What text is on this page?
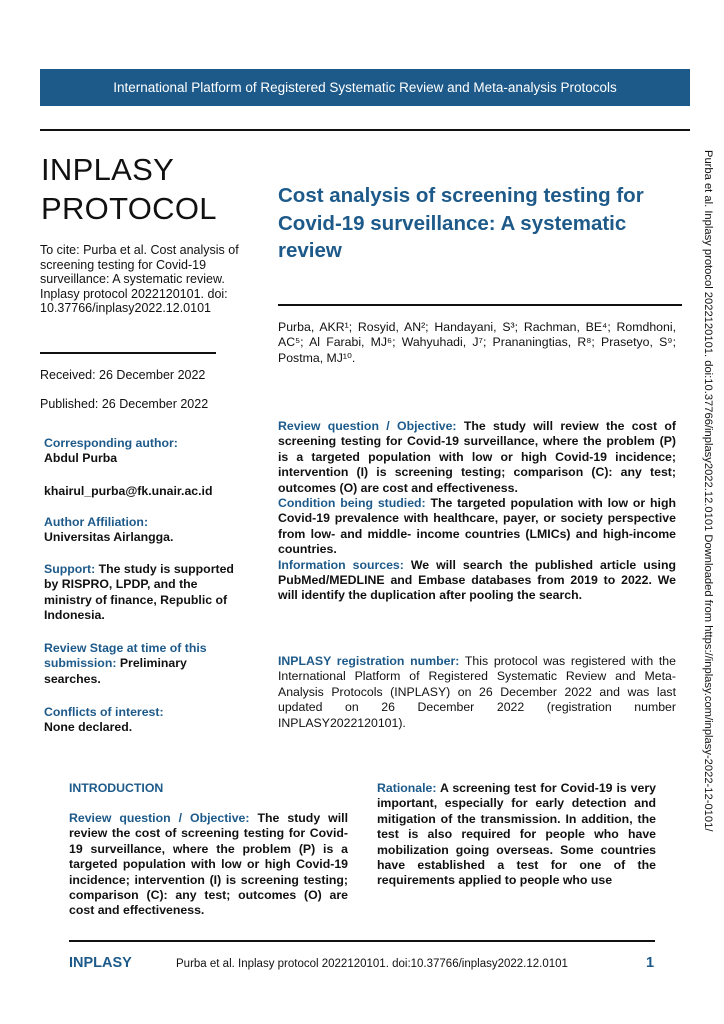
International Platform of Registered Systematic Review and Meta-analysis Protocols
INPLASY
PROTOCOL
To cite: Purba et al. Cost analysis of screening testing for Covid-19 surveillance: A systematic review. Inplasy protocol 2022120101. doi: 10.37766/inplasy2022.12.0101
Received: 26 December 2022
Published: 26 December 2022
Corresponding author:
Abdul Purba
khairul_purba@fk.unair.ac.id
Author Affiliation:
Universitas Airlangga.
Support: The study is supported by RISPRO, LPDP, and the ministry of finance, Republic of Indonesia.
Review Stage at time of this submission: Preliminary searches.
Conflicts of interest:
None declared.
Cost analysis of screening testing for Covid-19 surveillance: A systematic review
Purba, AKR¹; Rosyid, AN²; Handayani, S³; Rachman, BE⁴; Romdhoni, AC⁵; Al Farabi, MJ⁶; Wahyuhadi, J⁷; Prananingtias, R⁸; Prasetyo, S⁹; Postma, MJ¹⁰.

Review question / Objective: The study will review the cost of screening testing for Covid-19 surveillance, where the problem (P) is a targeted population with low or high Covid-19 incidence; intervention (I) is screening testing; comparison (C): any test; outcomes (O) are cost and effectiveness.

Condition being studied: The targeted population with low or high Covid-19 prevalence with healthcare, payer, or society perspective from low- and middle- income countries (LMICs) and high-income countries.

Information sources: We will search the published article using PubMed/MEDLINE and Embase databases from 2019 to 2022. We will identify the duplication after pooling the search.

INPLASY registration number: This protocol was registered with the International Platform of Registered Systematic Review and Meta-Analysis Protocols (INPLASY) on 26 December 2022 and was last updated on 26 December 2022 (registration number INPLASY2022120101).
INTRODUCTION
Review question / Objective: The study will review the cost of screening testing for Covid-19 surveillance, where the problem (P) is a targeted population with low or high Covid-19 incidence; intervention (I) is screening testing; comparison (C): any test; outcomes (O) are cost and effectiveness.
Rationale: A screening test for Covid-19 is very important, especially for early detection and mitigation of the transmission. In addition, the test is also required for people who have mobilization going overseas. Some countries have established a test for one of the requirements applied to people who use
INPLASY	Purba et al. Inplasy protocol 2022120101. doi:10.37766/inplasy2022.12.0101	1
Purba et al. Inplasy protocol 2022120101. doi:10.37766/inplasy2022.12.0101 Downloaded from https://inplasy.com/inplasy-2022-12-0101/
